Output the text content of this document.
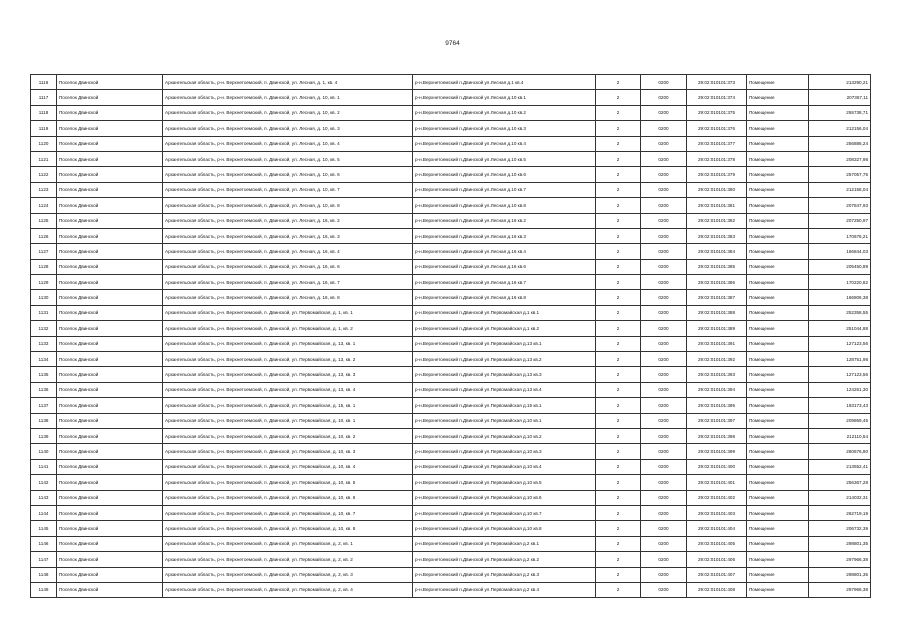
9764
1116	Поселок Двинской	Архангельская область, р-н. Верхнетоемский, п. Двинской, ул. Лесная, д. 1, кв. 4	р-н.Верхнетоемский п.Двинской ул.Лесная д.1 кв.4	2	0200	29:02:010101:373	Помещение	213290,21
1117	Поселок Двинской	Архангельская область, р-н. Верхнетоемский, п. Двинской, ул. Лесная, д. 10, кв. 1	р-н.Верхнетоемский п.Двинской ул.Лесная д.10 кв.1	2	0200	29:02:010101:374	Помещение	207367,11
1118	Поселок Двинской	Архангельская область, р-н. Верхнетоемский, п. Двинской, ул. Лесная, д. 10, кв. 2	р-н.Верхнетоемский п.Двинской ул.Лесная д.10 кв.2	2	0200	29:02:010101:375	Помещение	255738,71
1119	Поселок Двинской	Архангельская область, р-н. Верхнетоемский, п. Двинской, ул. Лесная, д. 10, кв. 3	р-н.Верхнетоемский п.Двинской ул.Лесная д.10 кв.3	2	0200	29:02:010101:376	Помещение	212156,04
1120	Поселок Двинской	Архангельская область, р-н. Верхнетоемский, п. Двинской, ул. Лесная, д. 10, кв. 4	р-н.Верхнетоемский п.Двинской ул.Лесная д.10 кв.4	2	0200	29:02:010101:377	Помещение	256886,24
1121	Поселок Двинской	Архангельская область, р-н. Верхнетоемский, п. Двинской, ул. Лесная, д. 10, кв. 5	р-н.Верхнетоемский п.Двинской ул.Лесная д.10 кв.5	2	0200	29:02:010101:378	Помещение	208327,98
1122	Поселок Двинской	Архангельская область, р-н. Верхнетоемский, п. Двинской, ул. Лесная, д. 10, кв. 6	р-н.Верхнетоемский п.Двинской ул.Лесная д.10 кв.6	2	0200	29:02:010101:379	Помещение	257057,75
1123	Поселок Двинской	Архангельская область, р-н. Верхнетоемский, п. Двинской, ул. Лесная, д. 10, кв. 7	р-н.Верхнетоемский п.Двинской ул.Лесная д.10 кв.7	2	0200	29:02:010101:380	Помещение	212156,04
1124	Поселок Двинской	Архангельская область, р-н. Верхнетоемский, п. Двинской, ул. Лесная, д. 10, кв. 8	р-н.Верхнетоемский п.Двинской ул.Лесная д.10 кв.8	2	0200	29:02:010101:381	Помещение	207847,93
1125	Поселок Двинской	Архангельская область, р-н. Верхнетоемский, п. Двинской, ул. Лесная, д. 16, кв. 2	р-н.Верхнетоемский п.Двинской ул.Лесная д.16 кв.2	2	0200	29:02:010101:382	Помещение	207250,97
1126	Поселок Двинской	Архангельская область, р-н. Верхнетоемский, п. Двинской, ул. Лесная, д. 16, кв. 3	р-н.Верхнетоемский п.Двинской ул.Лесная д.16 кв.3	2	0200	29:02:010101:383	Помещение	170676,21
1127	Поселок Двинской	Архангельская область, р-н. Верхнетоемский, п. Двинской, ул. Лесная, д. 16, кв. 4	р-н.Верхнетоемский п.Двинской ул.Лесная д.16 кв.4	2	0200	29:02:010101:384	Помещение	166844,03
1128	Поселок Двинской	Архангельская область, р-н. Верхнетоемский, п. Двинской, ул. Лесная, д. 16, кв. 6	р-н.Верхнетоемский п.Двинской ул.Лесная д.16 кв.6	2	0200	29:02:010101:385	Помещение	205450,89
1129	Поселок Двинской	Архангельская область, р-н. Верхнетоемский, п. Двинской, ул. Лесная, д. 16, кв. 7	р-н.Верхнетоемский п.Двинской ул.Лесная д.16 кв.7	2	0200	29:02:010101:386	Помещение	170220,82
1130	Поселок Двинской	Архангельская область, р-н. Верхнетоемский, п. Двинской, ул. Лесная, д. 16, кв. 8	р-н.Верхнетоемский п.Двинской ул.Лесная д.16 кв.8	2	0200	29:02:010101:387	Помещение	166806,38
1131	Поселок Двинской	Архангельская область, р-н. Верхнетоемский, п. Двинской, ул. Первомайская, д. 1, кв. 1	р-н.Верхнетоемский п.Двинской ул.Первомайская д.1 кв.1	2	0200	29:02:010101:388	Помещение	252358,55
1132	Поселок Двинской	Архангельская область, р-н. Верхнетоемский, п. Двинской, ул. Первомайская, д. 1, кв. 2	р-н.Верхнетоемский п.Двинской ул.Первомайская д.1 кв.2	2	0200	29:02:010101:389	Помещение	251044,88
1133	Поселок Двинской	Архангельская область, р-н. Верхнетоемский, п. Двинской, ул. Первомайская, д. 13, кв. 1	р-н.Верхнетоемский п.Двинской ул.Первомайская д.13 кв.1	2	0200	29:02:010101:391	Помещение	127123,56
1134	Поселок Двинской	Архангельская область, р-н. Верхнетоемский, п. Двинской, ул. Первомайская, д. 13, кв. 2	р-н.Верхнетоемский п.Двинской ул.Первомайская д.13 кв.2	2	0200	29:02:010101:392	Помещение	128751,98
1135	Поселок Двинской	Архангельская область, р-н. Верхнетоемский, п. Двинской, ул. Первомайская, д. 13, кв. 3	р-н.Верхнетоемский п.Двинской ул.Первомайская д.13 кв.3	2	0200	29:02:010101:393	Помещение	127123,56
1136	Поселок Двинской	Архангельская область, р-н. Верхнетоемский, п. Двинской, ул. Первомайская, д. 13, кв. 4	р-н.Верхнетоемский п.Двинской ул.Первомайская д.13 кв.4	2	0200	29:02:010101:394	Помещение	124261,30
1137	Поселок Двинской	Архангельская область, р-н. Верхнетоемский, п. Двинской, ул. Первомайская, д. 15, кв. 1	р-н.Верхнетоемский п.Двинской ул.Первомайская д.15 кв.1	2	0200	29:02:010101:395	Помещение	193173,43
1138	Поселок Двинской	Архангельская область, р-н. Верхнетоемский, п. Двинской, ул. Первомайская, д. 10, кв. 1	р-н.Верхнетоемский п.Двинской ул.Первомайская д.10 кв.1	2	0200	29:02:010101:397	Помещение	209869,45
1139	Поселок Двинской	Архангельская область, р-н. Верхнетоемский, п. Двинской, ул. Первомайская, д. 10, кв. 2	р-н.Верхнетоемский п.Двинской ул.Первомайская д.10 кв.2	2	0200	29:02:010101:398	Помещение	212110,54
1140	Поселок Двинской	Архангельская область, р-н. Верхнетоемский, п. Двинской, ул. Первомайская, д. 10, кв. 3	р-н.Верхнетоемский п.Двинской ул.Первомайская д.10 кв.3	2	0200	29:02:010101:399	Помещение	260676,80
1141	Поселок Двинской	Архангельская область, р-н. Верхнетоемский, п. Двинской, ул. Первомайская, д. 10, кв. 4	р-н.Верхнетоемский п.Двинской ул.Первомайская д.10 кв.4	2	0200	29:02:010101:400	Помещение	213552,41
1142	Поселок Двинской	Архангельская область, р-н. Верхнетоемский, п. Двинской, ул. Первомайская, д. 10, кв. 5	р-н.Верхнетоемский п.Двинской ул.Первомайская д.10 кв.5	2	0200	29:02:010101:401	Помещение	256367,28
1143	Поселок Двинской	Архангельская область, р-н. Верхнетоемский, п. Двинской, ул. Первомайская, д. 10, кв. 6	р-н.Верхнетоемский п.Двинской ул.Первомайская д.10 кв.6	2	0200	29:02:010101:402	Помещение	214032,31
1144	Поселок Двинской	Архангельская область, р-н. Верхнетоемский, п. Двинской, ул. Первомайская, д. 10, кв. 7	р-н.Верхнетоемский п.Двинской ул.Первомайская д.10 кв.7	2	0200	29:02:010101:403	Помещение	262719,19
1145	Поселок Двинской	Архангельская область, р-н. Верхнетоемский, п. Двинской, ул. Первомайская, д. 10, кв. 8	р-н.Верхнетоемский п.Двинской ул.Первомайская д.10 кв.8	2	0200	29:02:010101:404	Помещение	206732,39
1146	Поселок Двинской	Архангельская область, р-н. Верхнетоемский, п. Двинской, ул. Первомайская, д. 2, кв. 1	р-н.Верхнетоемский п.Двинской ул.Первомайская д.2 кв.1	2	0200	29:02:010101:405	Помещение	298801,35
1147	Поселок Двинской	Архангельская область, р-н. Верхнетоемский, п. Двинской, ул. Первомайская, д. 2, кв. 2	р-н.Верхнетоемский п.Двинской ул.Первомайская д.2 кв.2	2	0200	29:02:010101:406	Помещение	297966,38
1148	Поселок Двинской	Архангельская область, р-н. Верхнетоемский, п. Двинской, ул. Первомайская, д. 2, кв. 3	р-н.Верхнетоемский п.Двинской ул.Первомайская д.2 кв.3	2	0200	29:02:010101:407	Помещение	298801,35
1149	Поселок Двинской	Архангельская область, р-н. Верхнетоемский, п. Двинской, ул. Первомайская, д. 2, кв. 4	р-н.Верхнетоемский п.Двинской ул.Первомайская д.2 кв.4	2	0200	29:02:010101:408	Помещение	297966,38
